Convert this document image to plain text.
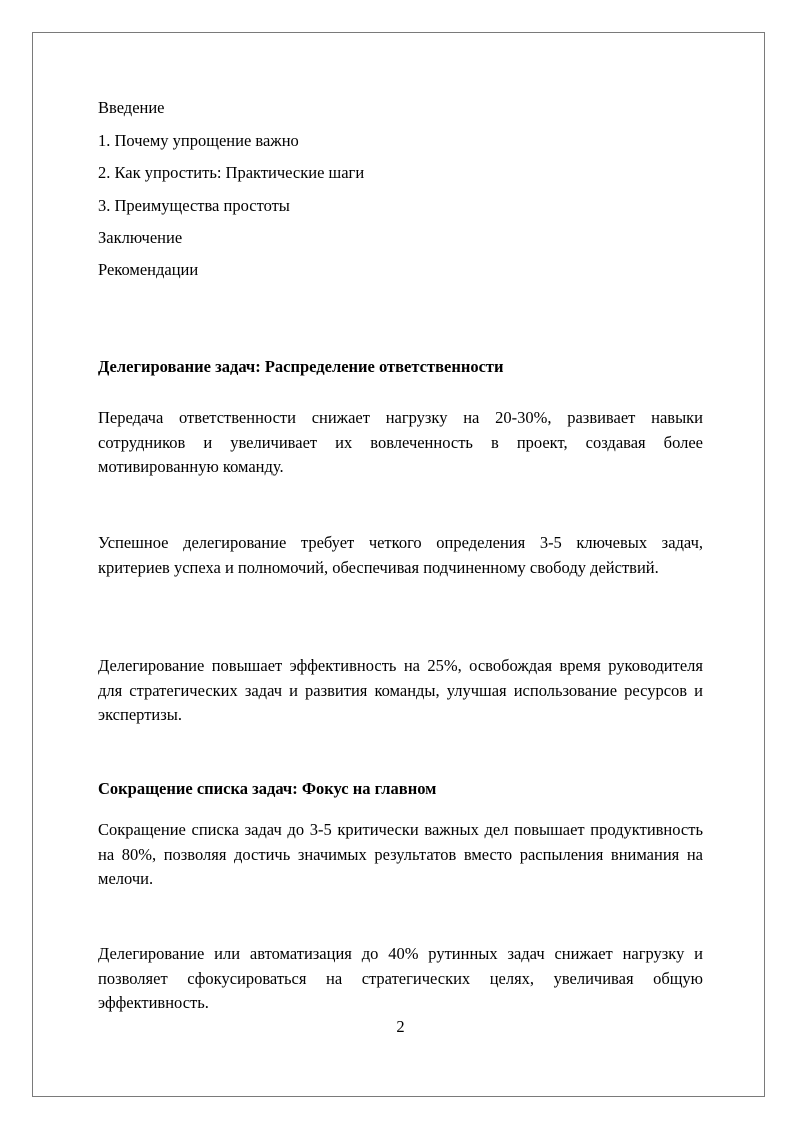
Введение
1. Почему упрощение важно
2. Как упростить: Практические шаги
3. Преимущества простоты
Заключение
Рекомендации
Делегирование задач: Распределение ответственности
Передача ответственности снижает нагрузку на 20-30%, развивает навыки сотрудников и увеличивает их вовлеченность в проект, создавая более мотивированную команду.
Успешное делегирование требует четкого определения 3-5 ключевых задач, критериев успеха и полномочий, обеспечивая подчиненному свободу действий.
Делегирование повышает эффективность на 25%, освобождая время руководителя для стратегических задач и развития команды, улучшая использование ресурсов и экспертизы.
Сокращение списка задач: Фокус на главном
Сокращение списка задач до 3-5 критически важных дел повышает продуктивность на 80%, позволяя достичь значимых результатов вместо распыления внимания на мелочи.
Делегирование или автоматизация до 40% рутинных задач снижает нагрузку и позволяет сфокусироваться на стратегических целях, увеличивая общую эффективность.
2
